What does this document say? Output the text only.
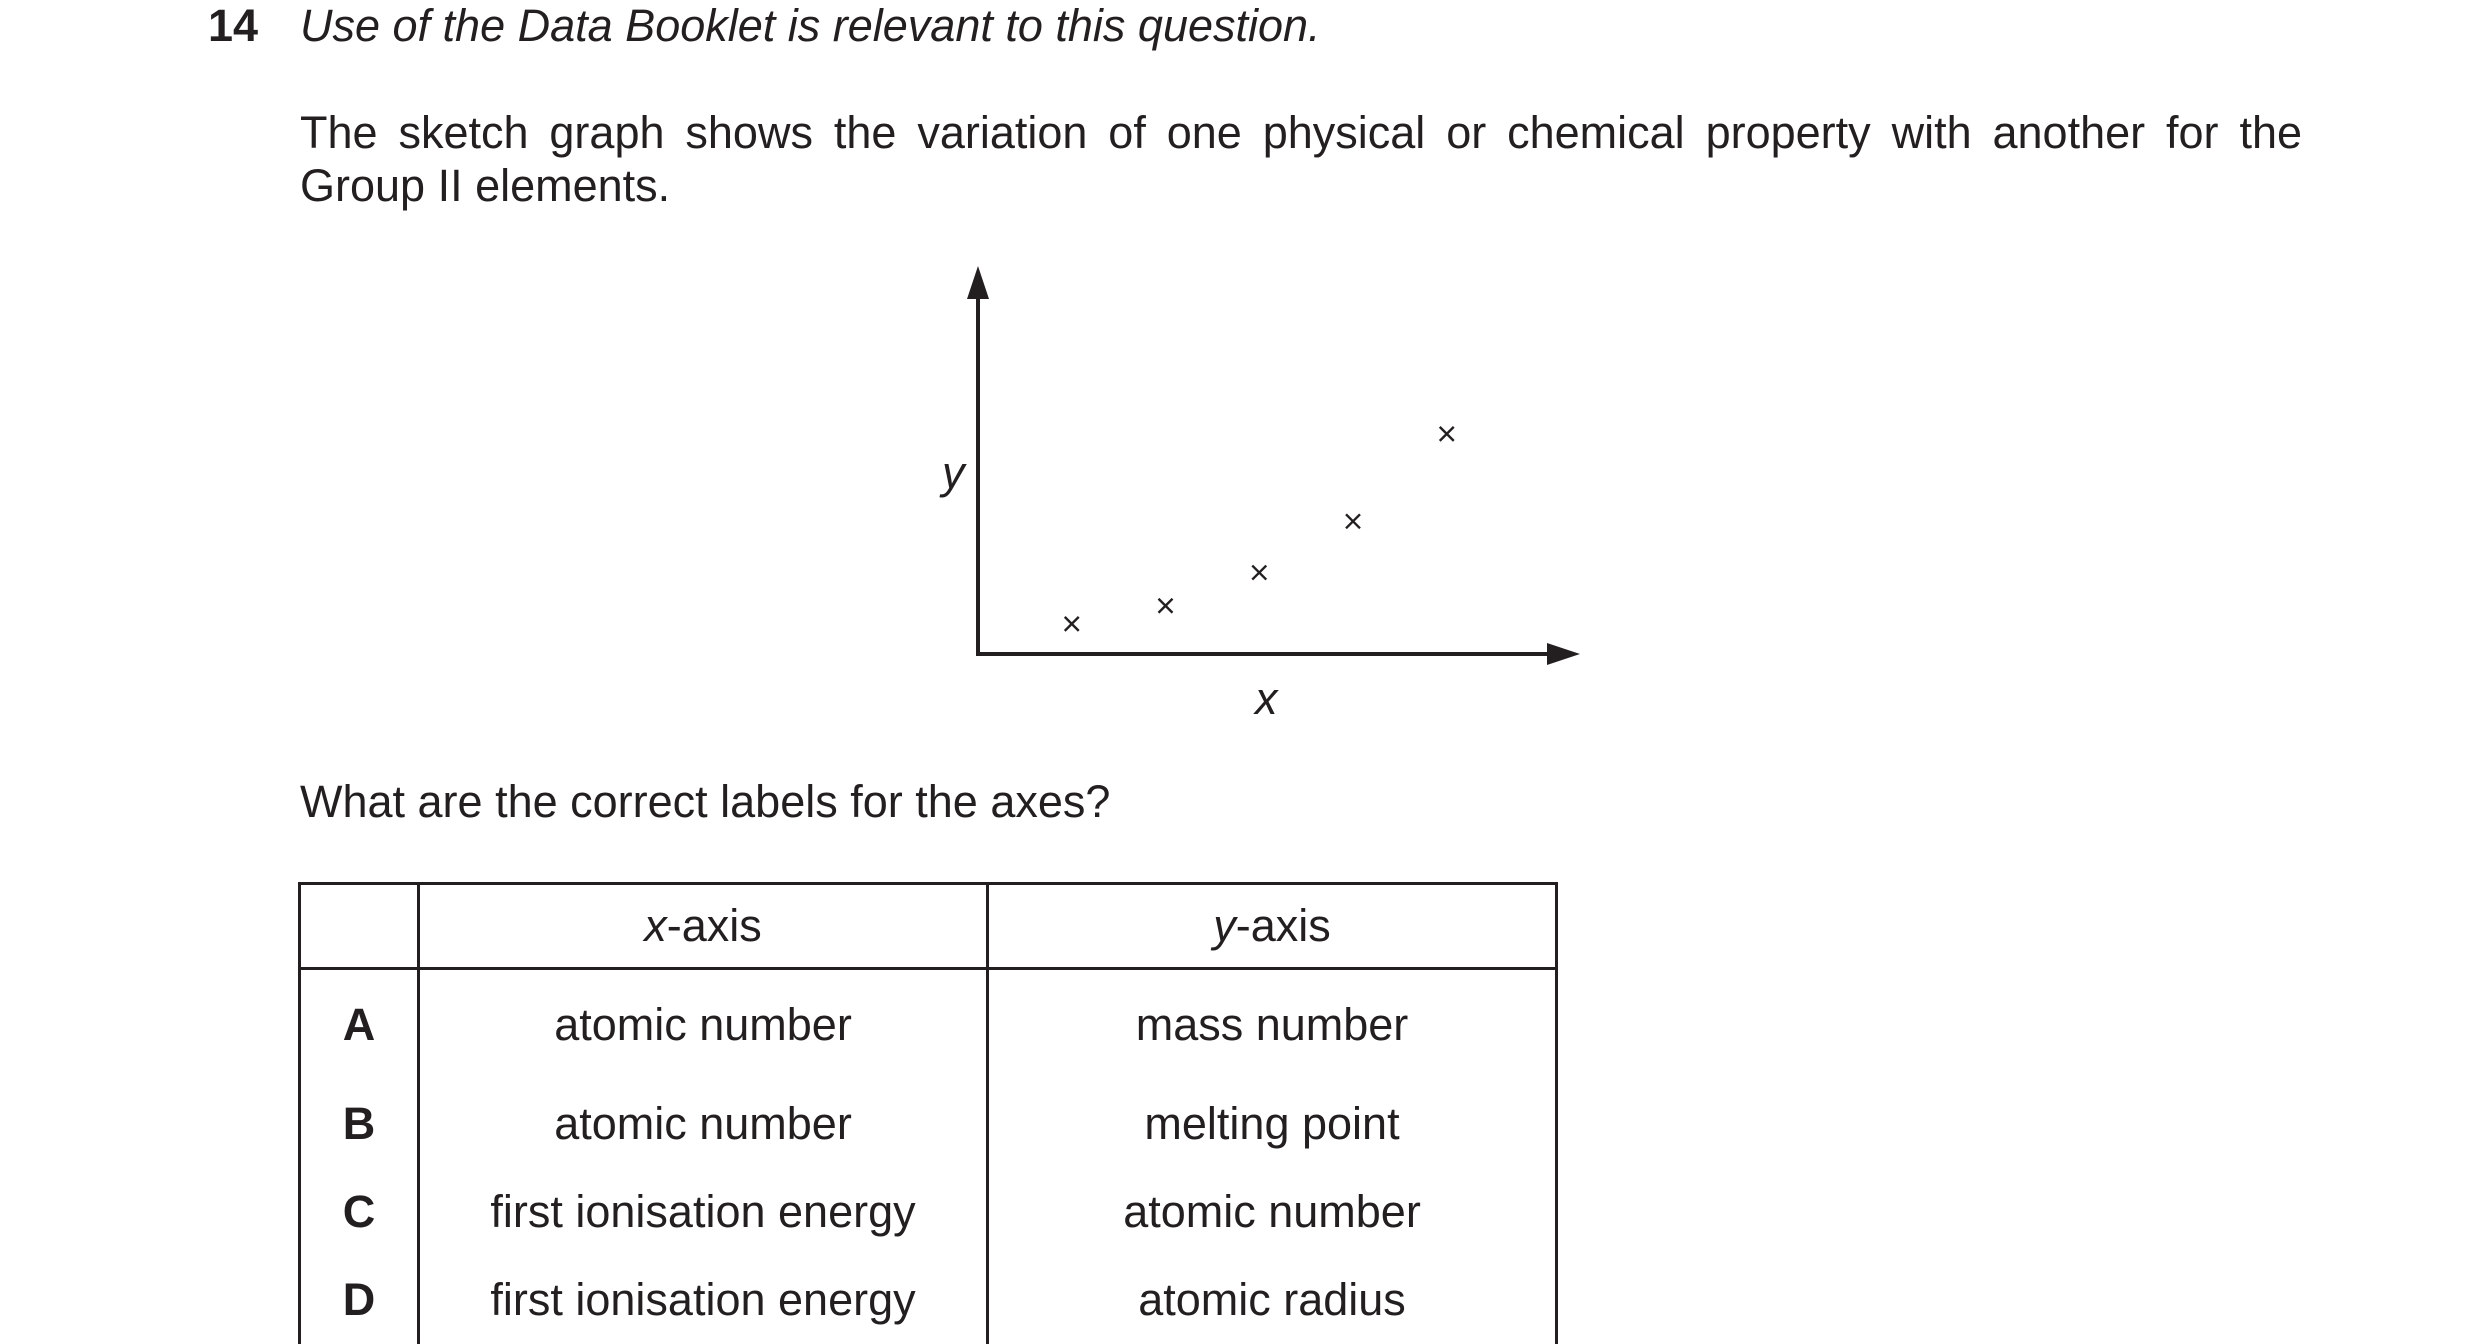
14 Use of the Data Booklet is relevant to this question.
The sketch graph shows the variation of one physical or chemical property with another for the Group II elements.
y
x
What are the correct labels for the axes?
	x-axis	y-axis
A	atomic number	mass number
B	atomic number	melting point
C	first ionisation energy	atomic number
D	first ionisation energy	atomic radius
